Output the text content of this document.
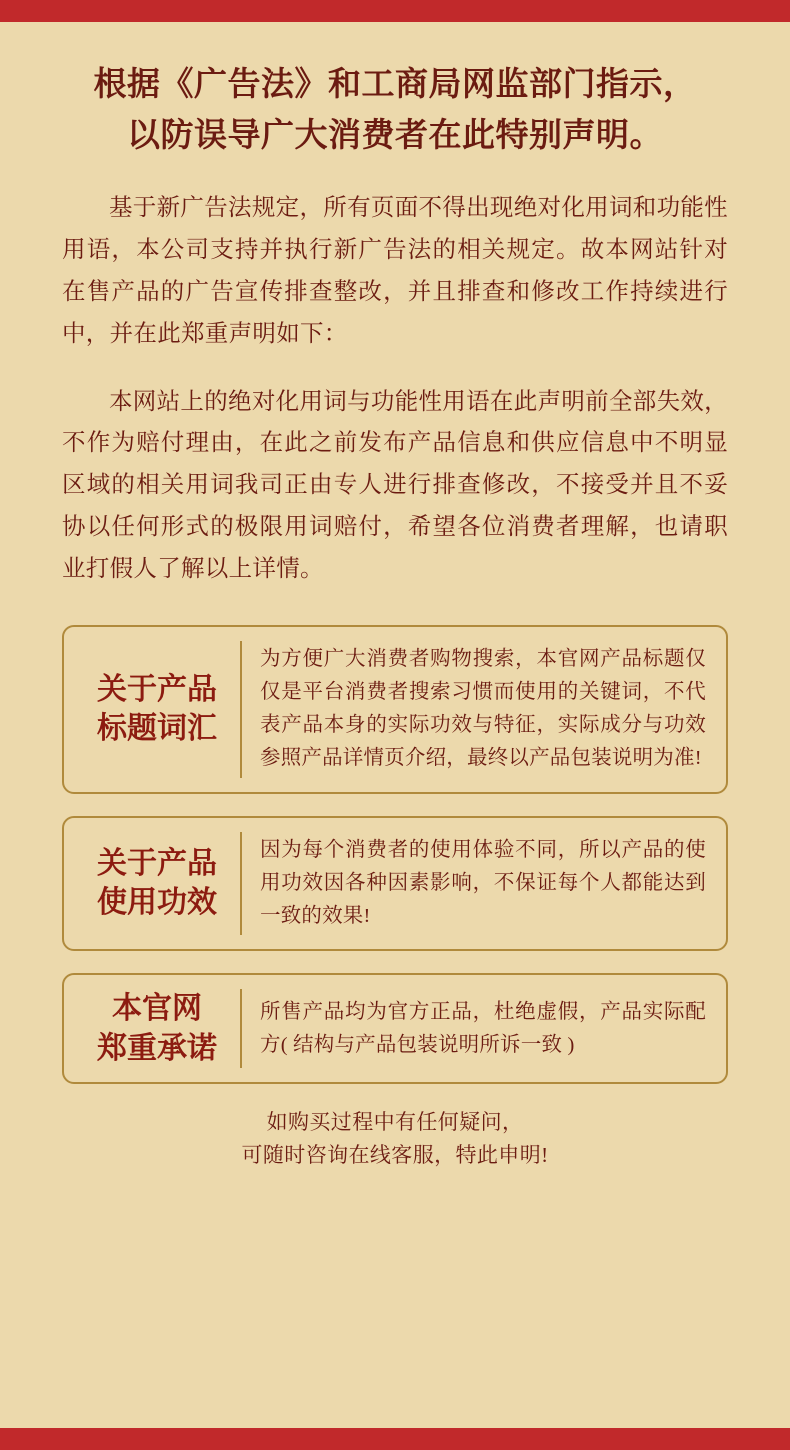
根据《广告法》和工商局网监部门指示，
以防误导广大消费者在此特别声明。

基于新广告法规定，所有页面不得出现绝对化用词和功能性用语，本公司支持并执行新广告法的相关规定。故本网站针对在售产品的广告宣传排查整改，并且排查和修改工作持续进行中，并在此郑重声明如下：

本网站上的绝对化用词与功能性用语在此声明前全部失效，不作为赔付理由，在此之前发布产品信息和供应信息中不明显区域的相关用词我司正由专人进行排查修改，不接受并且不妥协以任何形式的极限用词赔付，希望各位消费者理解，也请职业打假人了解以上详情。

关于产品
标题词汇

为方便广大消费者购物搜索，本官网产品标题仅仅是平台消费者搜索习惯而使用的关键词，不代表产品本身的实际功效与特征，实际成分与功效参照产品详情页介绍，最终以产品包装说明为准!

关于产品
使用功效

因为每个消费者的使用体验不同，所以产品的使用功效因各种因素影响，不保证每个人都能达到一致的效果!

本官网
郑重承诺

所售产品均为官方正品，杜绝虚假，产品实际配方( 结构与产品包装说明所诉一致 )

如购买过程中有任何疑问，
可随时咨询在线客服，特此申明!
